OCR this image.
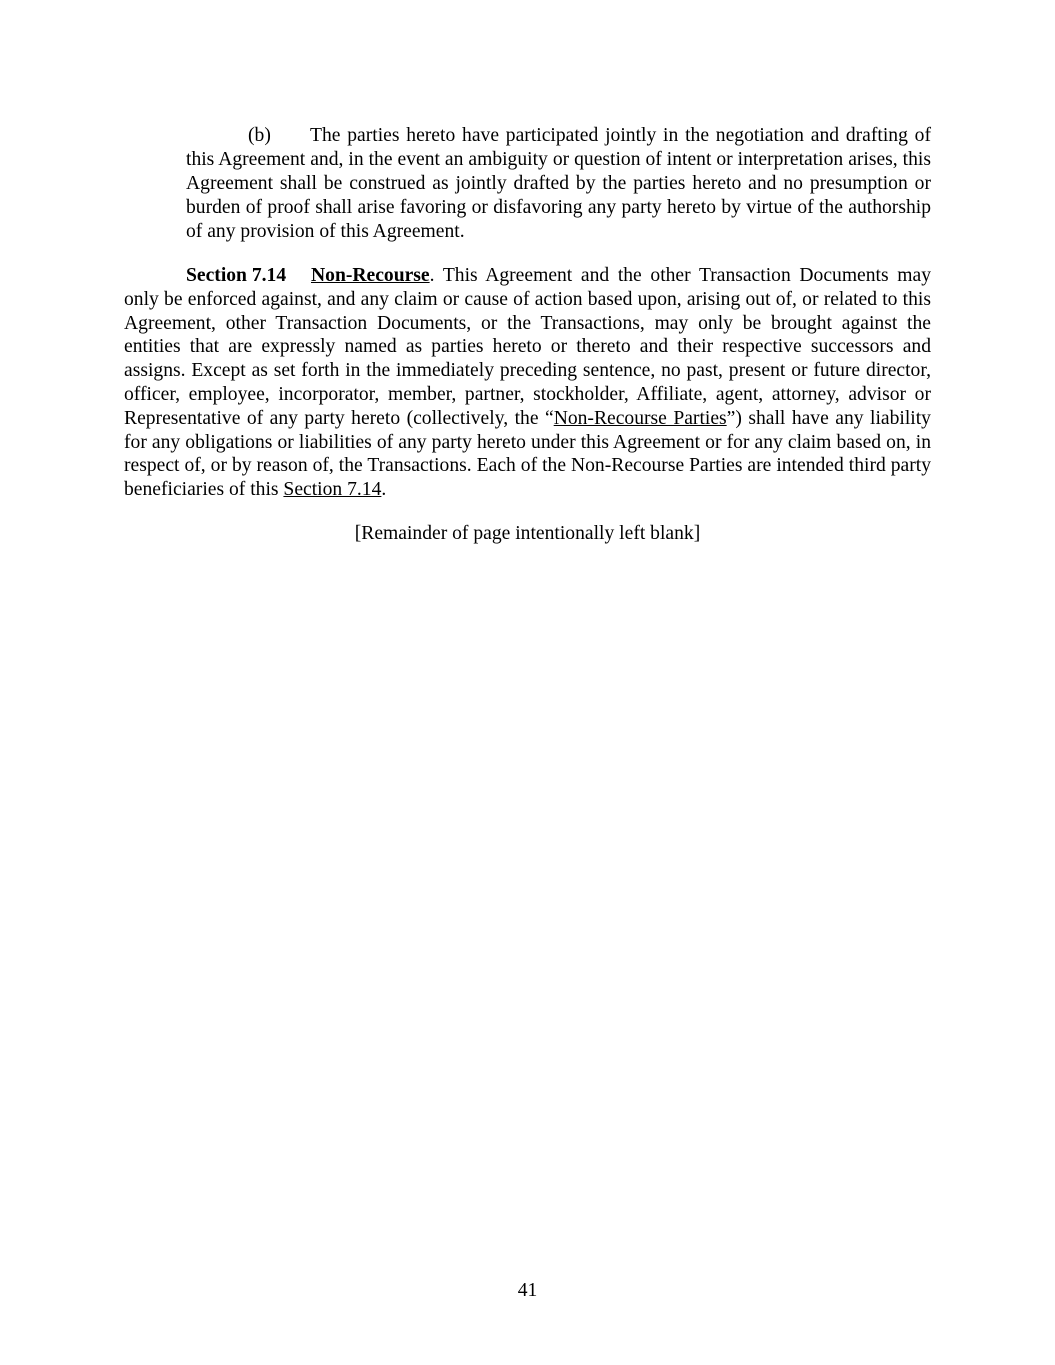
(b) The parties hereto have participated jointly in the negotiation and drafting of this Agreement and, in the event an ambiguity or question of intent or interpretation arises, this Agreement shall be construed as jointly drafted by the parties hereto and no presumption or burden of proof shall arise favoring or disfavoring any party hereto by virtue of the authorship of any provision of this Agreement.

Section 7.14 Non-Recourse. This Agreement and the other Transaction Documents may only be enforced against, and any claim or cause of action based upon, arising out of, or related to this Agreement, other Transaction Documents, or the Transactions, may only be brought against the entities that are expressly named as parties hereto or thereto and their respective successors and assigns. Except as set forth in the immediately preceding sentence, no past, present or future director, officer, employee, incorporator, member, partner, stockholder, Affiliate, agent, attorney, advisor or Representative of any party hereto (collectively, the “Non-Recourse Parties”) shall have any liability for any obligations or liabilities of any party hereto under this Agreement or for any claim based on, in respect of, or by reason of, the Transactions. Each of the Non-Recourse Parties are intended third party beneficiaries of this Section 7.14.

[Remainder of page intentionally left blank]

41
